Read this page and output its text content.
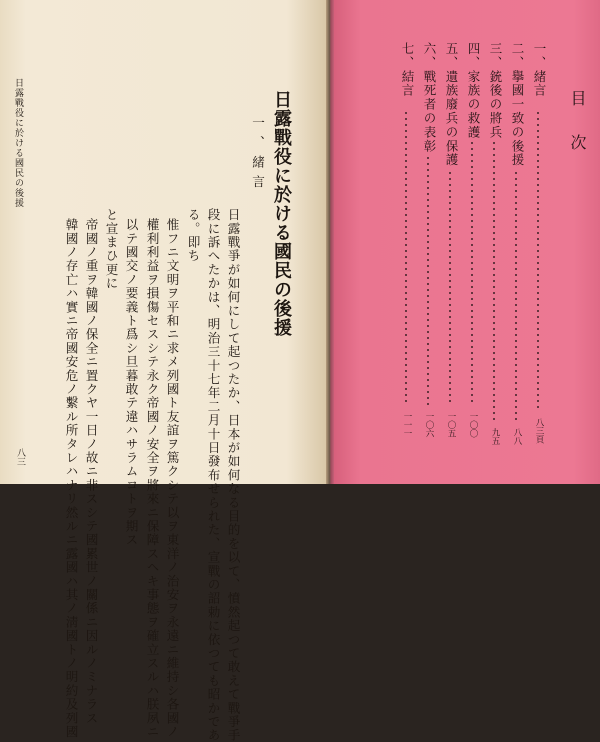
日露戰役に於ける國民の後援
八三	韓國ノ存亡ハ實ニ帝國安危ノ繫ル所タレハナリ然ルニ露國ハ其ノ淸國トノ明約及列國 帝國ノ重ヲ韓國ノ保全ニ置クヤ一日ノ故ニ非スシテ國累世ノ關係ニ因ルノミナラス と宣まひ更に 以テ國交ノ要義ト爲シ旦暮敢テ違ハサラムコトヲ期ス 權利利益ヲ損傷セスシテ永ク帝國ノ安全ヲ將來ニ保障スヘキ事態ヲ確立スルハ朕夙ニ 惟フニ文明ヲ平和ニ求メ列國ト友誼ヲ篤クシテ以ヲ東洋ノ治安ヲ永遠ニ維持シ各國ノ る。即ち 段に訴へたかは、明治三十七年二月十日發布せられた、宣戰の詔勅に依つても昭かであ 日露戰爭が如何にして起つたか、日本が如何なる目的を以て、憤然起つて敢えて戰爭手
一、緒言 日露戰役に於ける國民の後援	目次
一、緒言
八三頁
二、擧國一致の後援
八八
三、銃後の將兵
九五
四、家族の救護
一〇〇
五、遺族廢兵の保護
一〇五
六、戰死者の表彰
一〇六
七、結言
一一一
